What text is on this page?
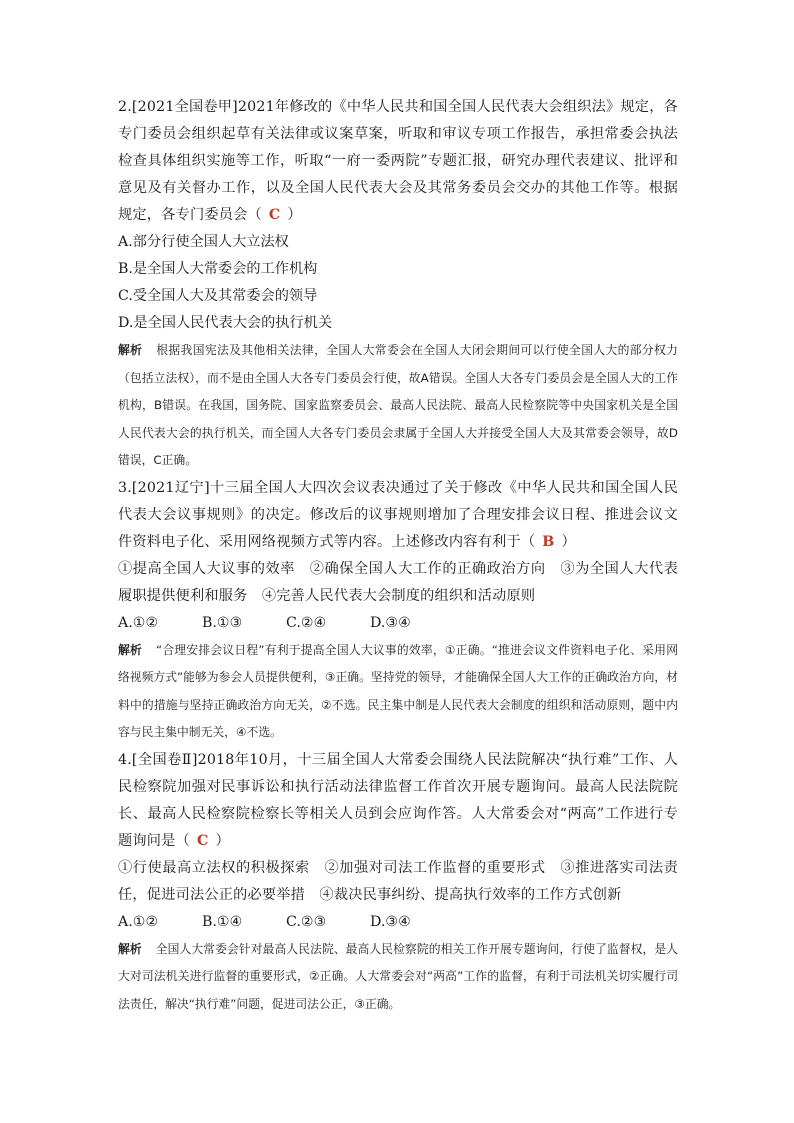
2.[2021全国卷甲]2021年修改的《中华人民共和国全国人民代表大会组织法》规定，各专门委员会组织起草有关法律或议案草案，听取和审议专项工作报告，承担常委会执法检查具体组织实施等工作，听取“一府一委两院”专题汇报，研究办理代表建议、批评和意见及有关督办工作，以及全国人民代表大会及其常务委员会交办的其他工作等。根据规定，各专门委员会（ C ）

A.部分行使全国人大立法权

B.是全国人大常委会的工作机构

C.受全国人大及其常委会的领导

D.是全国人民代表大会的执行机关

解析 根据我国宪法及其他相关法律，全国人大常委会在全国人大闭会期间可以行使全国人大的部分权力（包括立法权），而不是由全国人大各专门委员会行使，故A错误。全国人大各专门委员会是全国人大的工作机构，B错误。在我国，国务院、国家监察委员会、最高人民法院、最高人民检察院等中央国家机关是全国人民代表大会的执行机关，而全国人大各专门委员会隶属于全国人大并接受全国人大及其常委会领导，故D错误，C正确。

3.[2021辽宁]十三届全国人大四次会议表决通过了关于修改《中华人民共和国全国人民代表大会议事规则》的决定。修改后的议事规则增加了合理安排会议日程、推进会议文件资料电子化、采用网络视频方式等内容。上述修改内容有利于（ B ）

①提高全国人大议事的效率　②确保全国人大工作的正确政治方向　③为全国人大代表履职提供便利和服务　④完善人民代表大会制度的组织和活动原则

A.①②	B.①③	C.②④	D.③④

解析 “合理安排会议日程”有利于提高全国人大议事的效率，①正确。“推进会议文件资料电子化、采用网络视频方式”能够为参会人员提供便利，③正确。坚持党的领导，才能确保全国人大工作的正确政治方向，材料中的措施与坚持正确政治方向无关，②不选。民主集中制是人民代表大会制度的组织和活动原则，题中内容与民主集中制无关，④不选。

4.[全国卷Ⅱ]2018年10月，十三届全国人大常委会围绕人民法院解决“执行难”工作、人民检察院加强对民事诉讼和执行活动法律监督工作首次开展专题询问。最高人民法院院长、最高人民检察院检察长等相关人员到会应询作答。人大常委会对“两高”工作进行专题询问是（ C ）

①行使最高立法权的积极探索　②加强对司法工作监督的重要形式　③推进落实司法责任，促进司法公正的必要举措　④裁决民事纠纷、提高执行效率的工作方式创新

A.①②	B.①④	C.②③	D.③④

解析 全国人大常委会针对最高人民法院、最高人民检察院的相关工作开展专题询问，行使了监督权，是人大对司法机关进行监督的重要形式，②正确。人大常委会对“两高”工作的监督，有利于司法机关切实履行司法责任，解决“执行难”问题，促进司法公正，③正确。
